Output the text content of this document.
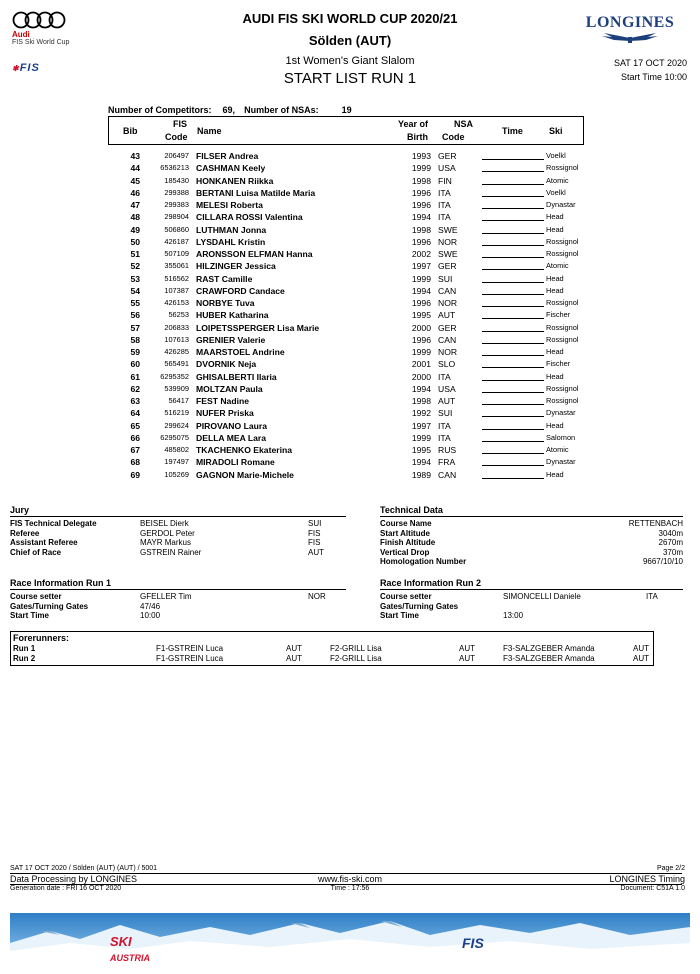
Audi
FIS Ski World Cup
✱FIS
AUDI FIS SKI WORLD CUP 2020/21
Sölden (AUT)
1st Women's Giant Slalom
START LIST RUN 1
LONGINES
SAT 17 OCT 2020
Start Time 10:00
Number of Competitors: 69, Number of NSAs:	19
Bib
FIS
Code
Name
Year of
Birth
NSA
Code
Time	Ski
43	206497 FILSER Andrea	1993 GER	Voelkl
44	6536213 CASHMAN Keely	1999 USA	Rossignol
45	185430 HONKANEN Riikka	1998 FIN	Atomic
46	299388 BERTANI Luisa Matilde Maria	1996 ITA	Voelkl
47	299383 MELESI Roberta	1996 ITA	Dynastar
48	298904 CILLARA ROSSI Valentina	1994 ITA	Head
49	506860 LUTHMAN Jonna	1998 SWE	Head
50	426187 LYSDAHL Kristin	1996 NOR	Rossignol
51	507109 ARONSSON ELFMAN Hanna	2002 SWE	Rossignol
52	355061 HILZINGER Jessica	1997 GER	Atomic
53	516562 RAST Camille	1999 SUI	Head
54	107387 CRAWFORD Candace	1994 CAN	Head
55	426153 NORBYE Tuva	1996 NOR	Rossignol
56	56253 HUBER Katharina	1995 AUT	Fischer
57	206833 LOIPETSSPERGER Lisa Marie	2000 GER	Rossignol
58	107613 GRENIER Valerie	1996 CAN	Rossignol
59	426285 MAARSTOEL Andrine	1999 NOR	Head
60	565491 DVORNIK Neja	2001 SLO	Fischer
61	6295352 GHISALBERTI Ilaria	2000 ITA	Head
62	539909 MOLTZAN Paula	1994 USA	Rossignol
63	56417 FEST Nadine	1998 AUT	Rossignol
64	516219 NUFER Priska	1992 SUI	Dynastar
65	299624 PIROVANO Laura	1997 ITA	Head
66	6295075 DELLA MEA Lara	1999 ITA	Salomon
67	485802 TKACHENKO Ekaterina	1995 RUS	Atomic
68	197497 MIRADOLI Romane	1994 FRA	Dynastar
69	105269 GAGNON Marie-Michele	1989 CAN	Head
Jury
FIS Technical Delegate	BEISEL Dierk	SUI
Referee	GERDOL Peter	FIS
Assistant Referee	MAYR Markus	FIS
Chief of Race	GSTREIN Rainer	AUT
Technical Data
Course Name	RETTENBACH
Start Altitude	3040m
Finish Altitude	2670m
Vertical Drop	370m
Homologation Number	9667/10/10
Race Information Run 1
Course setter	GFELLER Tim	NOR
Gates/Turning Gates	47/46
Start Time	10:00
Race Information Run 2
Course setter	SIMONCELLI Daniele	ITA
Gates/Turning Gates
Start Time	13:00
Forerunners:
Run 1	F1-GSTREIN Luca	AUT	F2-GRILL Lisa	AUT	F3-SALZGEBER Amanda	AUT
Run 2	F1-GSTREIN Luca	AUT	F2-GRILL Lisa	AUT	F3-SALZGEBER Amanda	AUT
SAT 17 OCT 2020 / Sölden (AUT) (AUT) / 5001	Page 2/2
Data Processing by LONGINES	www.fis-ski.com	LONGINES Timing
Generation date : FRI 16 OCT 2020	Time : 17:56	Document: C51A 1.0
SKI
AUSTRIA
FIS
